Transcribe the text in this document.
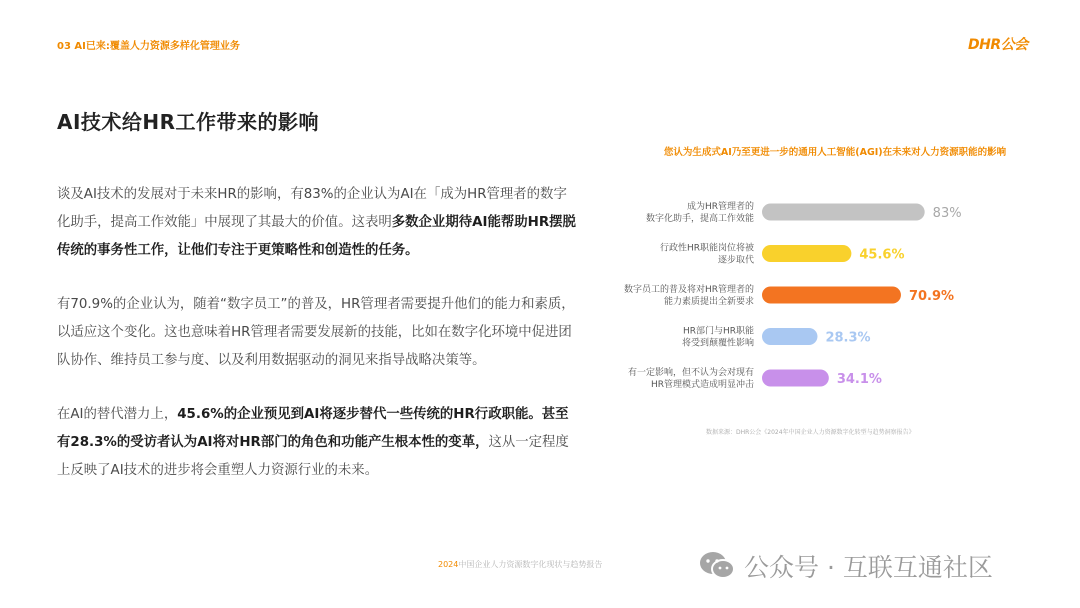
03 AI已来:覆盖人力资源多样化管理业务	DHR公会
AI技术给HR工作带来的影响

谈及AI技术的发展对于未来HR的影响，有83%的企业认为AI在「成为HR管理者的数字化助手，提高工作效能」中展现了其最大的价值。这表明多数企业期待AI能帮助HR摆脱传统的事务性工作，让他们专注于更策略性和创造性的任务。

有70.9%的企业认为，随着“数字员工”的普及，HR管理者需要提升他们的能力和素质，以适应这个变化。这也意味着HR管理者需要发展新的技能，比如在数字化环境中促进团队协作、维持员工参与度、以及利用数据驱动的洞见来指导战略决策等。

在AI的替代潜力上，45.6%的企业预见到AI将逐步替代一些传统的HR行政职能。甚至有28.3%的受访者认为AI将对HR部门的角色和功能产生根本性的变革，这从一定程度上反映了AI技术的进步将会重塑人力资源行业的未来。

您认为生成式AI乃至更进一步的通用人工智能(AGI)在未来对人力资源职能的影响
成为HR管理者的数字化助手，提高工作效能	83%
行政性HR职能岗位将被逐步取代	45.6%
数字员工的普及将对HR管理者的能力素质提出全新要求	70.9%
HR部门与HR职能将受到颠覆性影响	28.3%
有一定影响，但不认为会对现有 HR管理模式造成明显冲击	34.1%
数据来源：DHR公会《2024年中国企业人力资源数字化转型与趋势洞察报告》
2024中国企业人力资源数字化现状与趋势报告	公众号 · 互联互通社区
